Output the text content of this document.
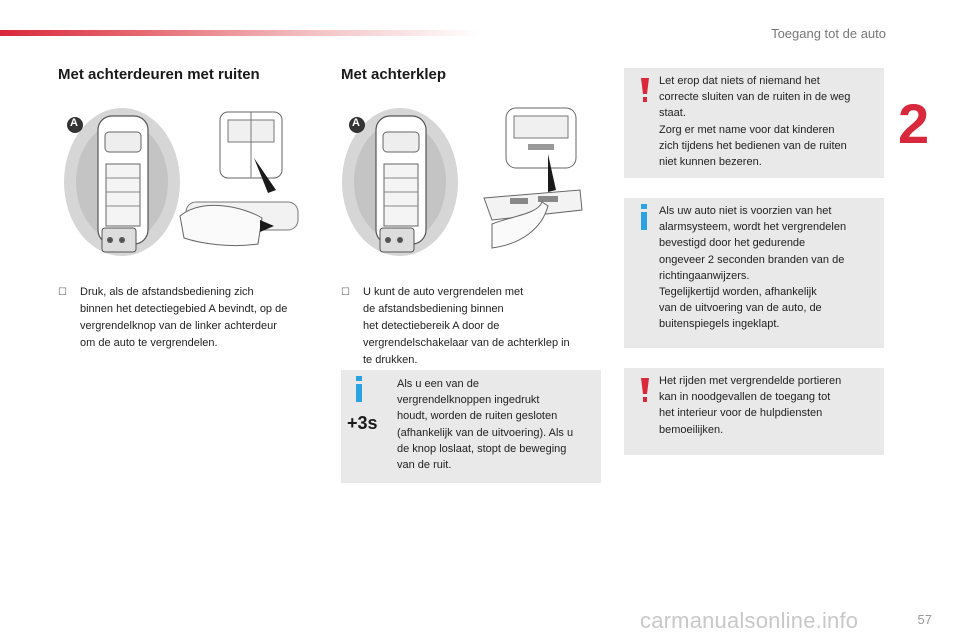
Toegang tot de auto
2
Met achterdeuren met ruiten
A
☐ Druk, als de afstandsbediening zich
binnen het detectiegebied A bevindt, op de
vergrendelknop van de linker achterdeur
om de auto te vergrendelen.
Met achterklep
A
☐ U kunt de auto vergrendelen met
de afstandsbediening binnen
het detectiebereik A door de
vergrendelschakelaar van de achterklep in
te drukken.
+3s
Als u een van de
vergrendelknoppen ingedrukt
houdt, worden de ruiten gesloten
(afhankelijk van de uitvoering). Als u
de knop loslaat, stopt de beweging
van de ruit.
Let erop dat niets of niemand het
correcte sluiten van de ruiten in de weg
staat.
Zorg er met name voor dat kinderen
zich tijdens het bedienen van de ruiten
niet kunnen bezeren.
Als uw auto niet is voorzien van het
alarmsysteem, wordt het vergrendelen
bevestigd door het gedurende
ongeveer 2 seconden branden van de
richtingaanwijzers.
Tegelijkertijd worden, afhankelijk
van de uitvoering van de auto, de
buitenspiegels ingeklapt.
Het rijden met vergrendelde portieren
kan in noodgevallen de toegang tot
het interieur voor de hulpdiensten
bemoeilijken.
carmanualsonline.info	57
